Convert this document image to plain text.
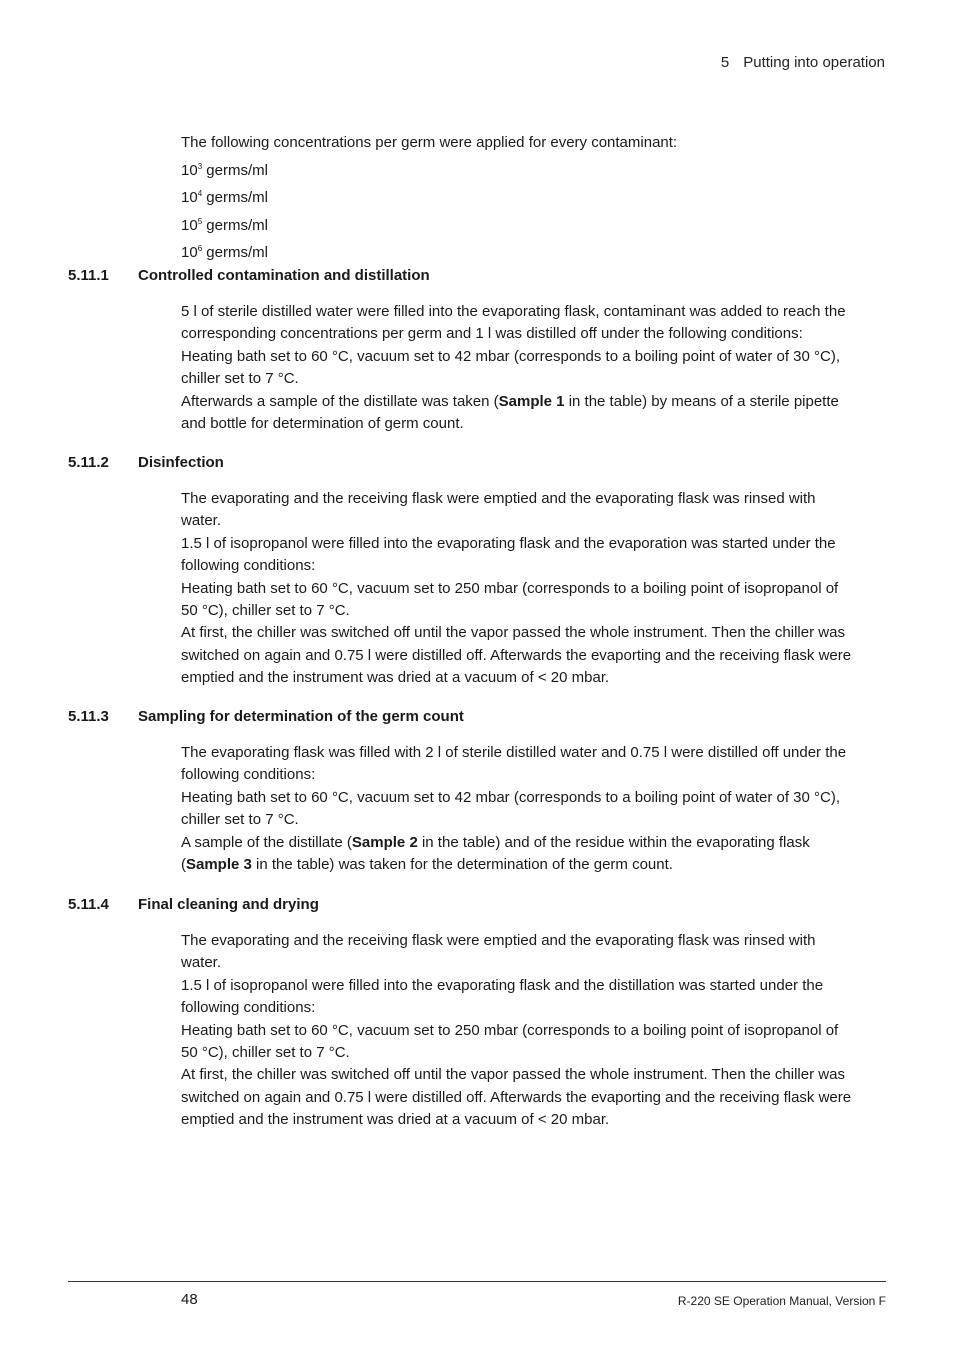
5 Putting into operation

The following concentrations per germ were applied for every contaminant:

$10^3$ germs/ml

$10^4$ germs/ml

$10^5$ germs/ml

$10^6$ germs/ml

5.11.1	Controlled contamination and distillation

5 l of sterile distilled water were filled into the evaporating flask, contaminant was added to reach the

corresponding concentrations per germ and 1 l was distilled off under the following conditions:

Heating bath set to 60 °C, vacuum set to 42 mbar (corresponds to a boiling point of water of 30 °C),

chiller set to 7 °C.

Afterwards a sample of the distillate was taken (Sample 1 in the table) by means of a sterile pipette

and bottle for determination of germ count.

5.11.2	Disinfection

The evaporating and the receiving flask were emptied and the evaporating flask was rinsed with

water.

1.5 l of isopropanol were filled into the evaporating flask and the evaporation was started under the

following conditions:

Heating bath set to 60 °C, vacuum set to 250 mbar (corresponds to a boiling point of isopropanol of

50 °C), chiller set to 7 °C.

At first, the chiller was switched off until the vapor passed the whole instrument. Then the chiller was

switched on again and 0.75 l were distilled off. Afterwards the evaporting and the receiving flask were

emptied and the instrument was dried at a vacuum of < 20 mbar.

5.11.3	Sampling for determination of the germ count

The evaporating flask was filled with 2 l of sterile distilled water and 0.75 l were distilled off under the

following conditions:

Heating bath set to 60 °C, vacuum set to 42 mbar (corresponds to a boiling point of water of 30 °C),

chiller set to 7 °C.

A sample of the distillate (Sample 2 in the table) and of the residue within the evaporating flask

(Sample 3 in the table) was taken for the determination of the germ count.

5.11.4	Final cleaning and drying

The evaporating and the receiving flask were emptied and the evaporating flask was rinsed with

water.

1.5 l of isopropanol were filled into the evaporating flask and the distillation was started under the

following conditions:

Heating bath set to 60 °C, vacuum set to 250 mbar (corresponds to a boiling point of isopropanol of

50 °C), chiller set to 7 °C.

At first, the chiller was switched off until the vapor passed the whole instrument. Then the chiller was

switched on again and 0.75 l were distilled off. Afterwards the evaporting and the receiving flask were

emptied and the instrument was dried at a vacuum of < 20 mbar.

48	R-220 SE Operation Manual, Version F
